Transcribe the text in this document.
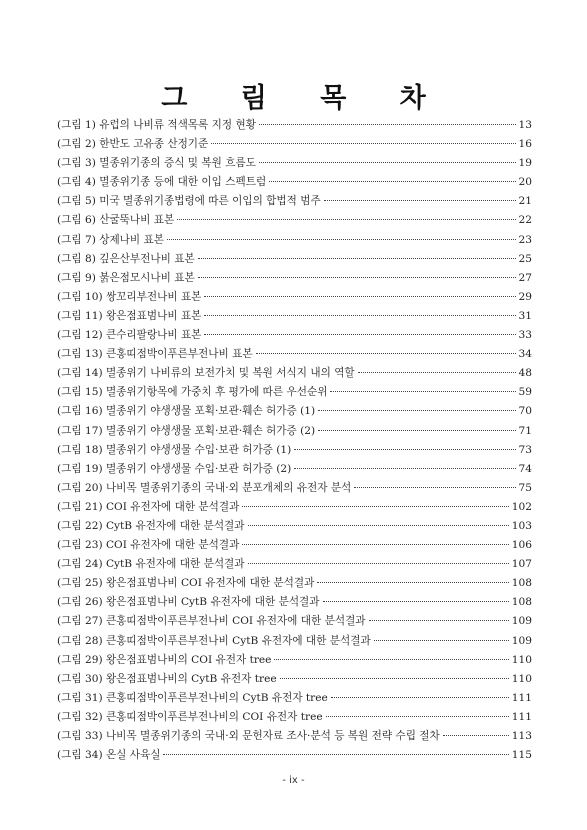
그 림 목 차
(그림 1) 유럽의 나비류 적색목록 지정 현황	13
(그림 2) 한반도 고유종 산정기준	16
(그림 3) 멸종위기종의 증식 및 복원 흐름도	19
(그림 4) 멸종위기종 등에 대한 이입 스펙트럼	20
(그림 5) 미국 멸종위기종법령에 따른 이입의 합법적 범주	21
(그림 6) 산굴뚝나비 표본	22
(그림 7) 상제나비 표본	23
(그림 8) 깊은산부전나비 표본	25
(그림 9) 붉은점모시나비 표본	27
(그림 10) 쌍꼬리부전나비 표본	29
(그림 11) 왕은점표범나비 표본	31
(그림 12) 큰수리팔랑나비 표본	33
(그림 13) 큰홍띠점박이푸른부전나비 표본	34
(그림 14) 멸종위기 나비류의 보전가치 및 복원 서식지 내의 역할	48
(그림 15) 멸종위기항목에 가중치 후 평가에 따른 우선순위	59
(그림 16) 멸종위기 야생생물 포획·보관·훼손 허가증 (1)	70
(그림 17) 멸종위기 야생생물 포획·보관·훼손 허가증 (2)	71
(그림 18) 멸종위기 야생생물 수입·보관 허가증 (1)	73
(그림 19) 멸종위기 야생생물 수입·보관 허가증 (2)	74
(그림 20) 나비목 멸종위기종의 국내·외 분포개체의 유전자 분석	75
(그림 21) COI 유전자에 대한 분석결과	102
(그림 22) CytB 유전자에 대한 분석결과	103
(그림 23) COI 유전자에 대한 분석결과	106
(그림 24) CytB 유전자에 대한 분석결과	107
(그림 25) 왕은점표범나비 COI 유전자에 대한 분석결과	108
(그림 26) 왕은점표범나비 CytB 유전자에 대한 분석결과	108
(그림 27) 큰홍띠점박이푸른부전나비 COI 유전자에 대한 분석결과	109
(그림 28) 큰홍띠점박이푸른부전나비 CytB 유전자에 대한 분석결과	109
(그림 29) 왕은점표범나비의 COI 유전자 tree	110
(그림 30) 왕은점표범나비의 CytB 유전자 tree	110
(그림 31) 큰홍띠점박이푸른부전나비의 CytB 유전자 tree	111
(그림 32) 큰홍띠점박이푸른부전나비의 COI 유전자 tree	111
(그림 33) 나비목 멸종위기종의 국내·외 문헌자료 조사·분석 등 복원 전략 수립 절차	113
(그림 34) 온실 사육실	115
- ix -
